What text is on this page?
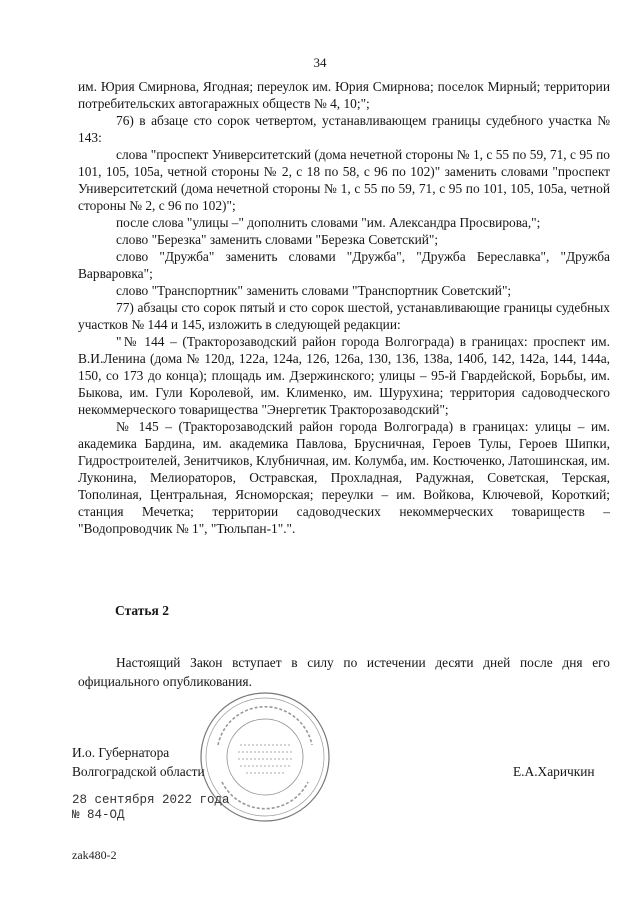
34

им. Юрия Смирнова, Ягодная; переулок им. Юрия Смирнова; поселок Мирный; территории потребительских автогаражных обществ № 4, 10;";

76) в абзаце сто сорок четвертом, устанавливающем границы судебного участка № 143:

слова "проспект Университетский (дома нечетной стороны № 1, с 55 по 59, 71, с 95 по 101, 105, 105а, четной стороны № 2, с 18 по 58, с 96 по 102)" заменить словами "проспект Университетский (дома нечетной стороны № 1, с 55 по 59, 71, с 95 по 101, 105, 105а, четной стороны № 2, с 96 по 102)";

после слова "улицы –" дополнить словами "им. Александра Просвирова,";

слово "Березка" заменить словами "Березка Советский";

слово "Дружба" заменить словами "Дружба", "Дружба Береславка", "Дружба Варваровка";

слово "Транспортник" заменить словами "Транспортник Советский";

77) абзацы сто сорок пятый и сто сорок шестой, устанавливающие границы судебных участков № 144 и 145, изложить в следующей редакции:

"№ 144 – (Тракторозаводский район города Волгограда) в границах: проспект им. В.И.Ленина (дома № 120д, 122а, 124а, 126, 126а, 130, 136, 138а, 140б, 142, 142а, 144, 144а, 150, со 173 до конца); площадь им. Дзержинского; улицы – 95-й Гвардейской, Борьбы, им. Быкова, им. Гули Королевой, им. Клименко, им. Шурухина; территория садоводческого некоммерческого товарищества "Энергетик Тракторозаводский";

№ 145 – (Тракторозаводский район города Волгограда) в границах: улицы – им. академика Бардина, им. академика Павлова, Брусничная, Героев Тулы, Героев Шипки, Гидростроителей, Зенитчиков, Клубничная, им. Колумба, им. Костюченко, Латошинская, им. Луконина, Мелиораторов, Остравская, Прохладная, Радужная, Советская, Терская, Тополиная, Центральная, Ясноморская; переулки – им. Войкова, Ключевой, Короткий; станция Мечетка; территории садоводческих некоммерческих товариществ – "Водопроводчик № 1", "Тюльпан-1".".

Статья 2

Настоящий Закон вступает в силу по истечении десяти дней после дня его официального опубликования.

И.о. Губернатора
Волгоградской области	Е.А.Харичкин
28 сентября 2022 года
№ 84-ОД
zak480-2
